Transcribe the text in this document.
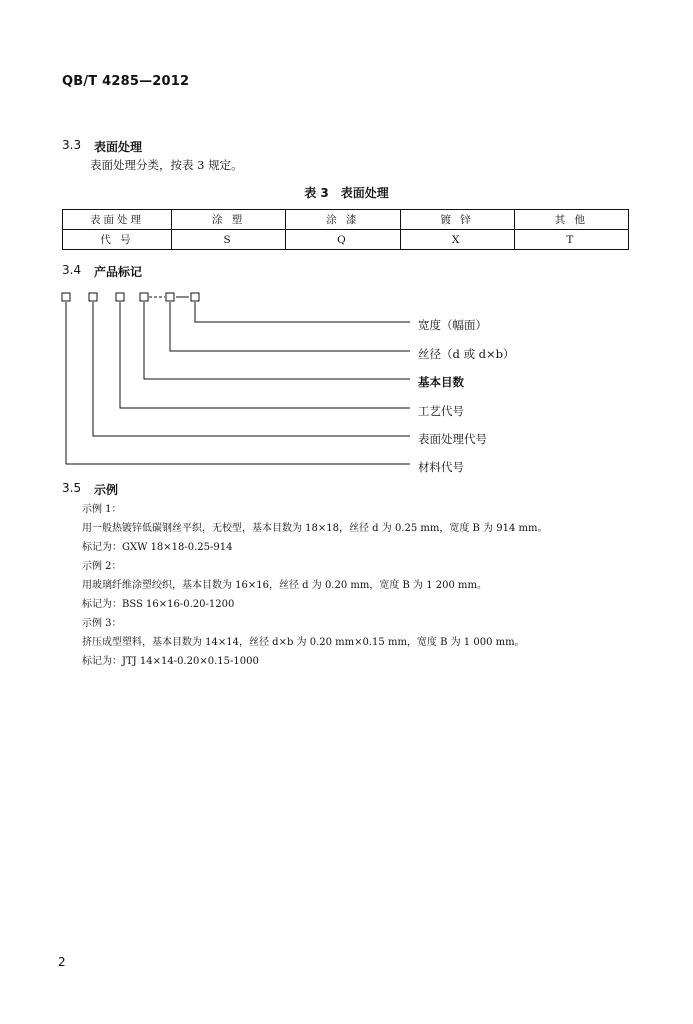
QB/T 4285—2012
3.3 表面处理
表面处理分类，按表 3 规定。
表 3　表面处理
表面处理	涂 塑	涂 漆	镀 锌	其 他
代 号	S	Q	X	T
3.4 产品标记
宽度（幅面）
丝径（d 或 d×b）
基本目数
工艺代号
表面处理代号
材料代号
3.5 示例
示例 1：
用一般热镀锌低碳钢丝平织，无校型，基本目数为 18×18，丝径 d 为 0.25 mm，宽度 B 为 914 mm。
标记为：GXW 18×18-0.25-914
示例 2：
用玻璃纤维涂塑绞织，基本目数为 16×16，丝径 d 为 0.20 mm，宽度 B 为 1 200 mm。
标记为：BSS 16×16-0.20-1200
示例 3：
挤压成型塑料，基本目数为 14×14，丝径 d×b 为 0.20 mm×0.15 mm，宽度 B 为 1 000 mm。
标记为：JTJ 14×14-0.20×0.15-1000
2
